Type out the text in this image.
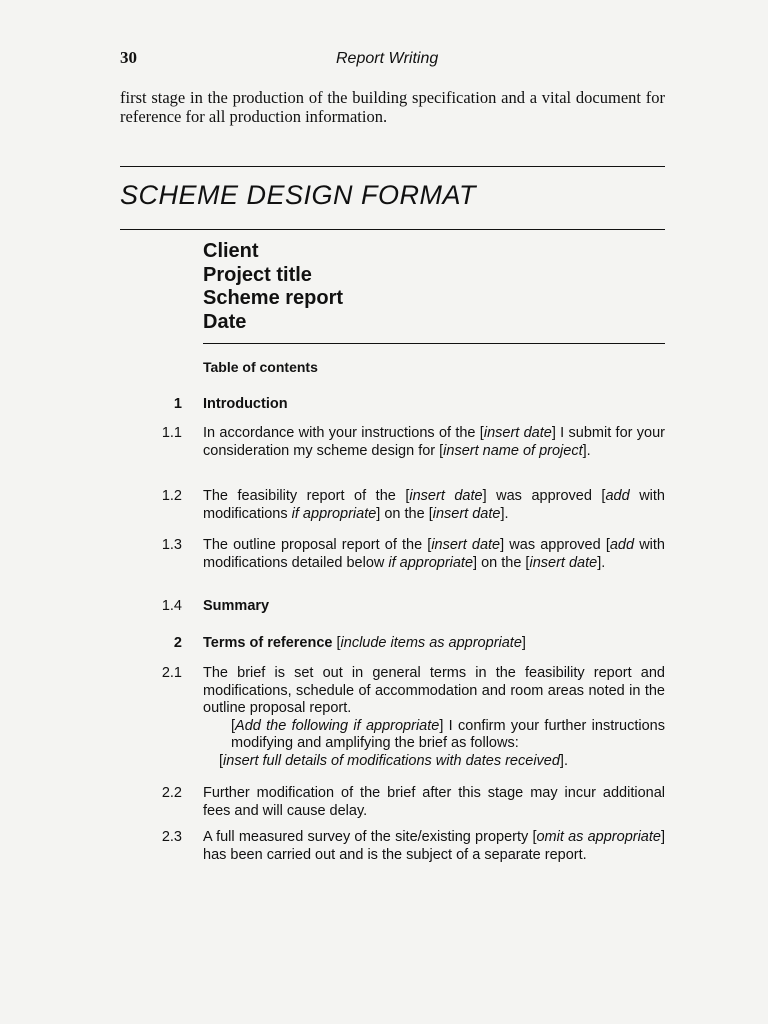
30	Report Writing
first stage in the production of the building specification and a vital document for reference for all production information.
SCHEME DESIGN FORMAT
Client
Project title
Scheme report
Date
Table of contents
1 Introduction
1.1 In accordance with your instructions of the [insert date] I submit for your consideration my scheme design for [insert name of project].
1.2 The feasibility report of the [insert date] was approved [add with modifications if appropriate] on the [insert date].
1.3 The outline proposal report of the [insert date] was approved [add with modifications detailed below if appropriate] on the [insert date].
1.4 Summary
2 Terms of reference [include items as appropriate]
2.1 The brief is set out in general terms in the feasibility report and modifications, schedule of accommodation and room areas noted in the outline proposal report.
[Add the following if appropriate] I confirm your further instructions modifying and amplifying the brief as follows:
[insert full details of modifications with dates received].
2.2 Further modification of the brief after this stage may incur additional fees and will cause delay.
2.3 A full measured survey of the site/existing property [omit as appropriate] has been carried out and is the subject of a separate report.
